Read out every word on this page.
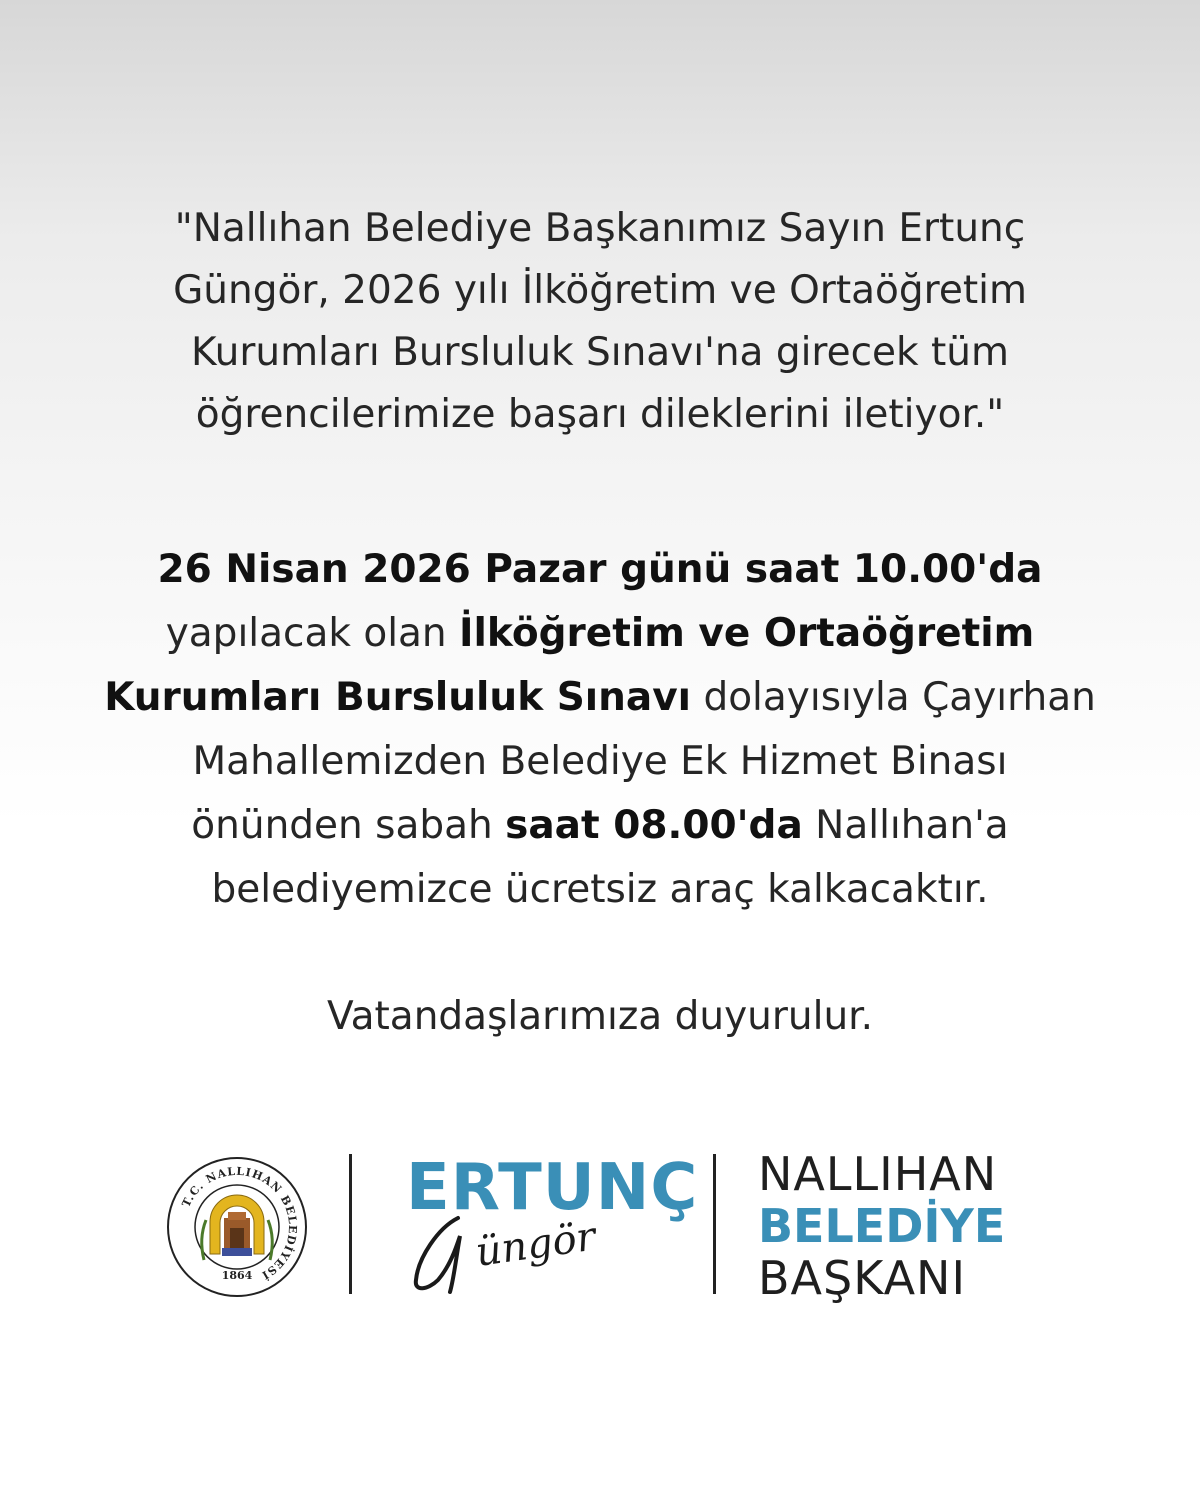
"Nallıhan Belediye Başkanımız Sayın Ertunç
Güngör, 2026 yılı İlköğretim ve Ortaöğretim
Kurumları Bursluluk Sınavı'na girecek tüm
öğrencilerimize başarı dileklerini iletiyor."
26 Nisan 2026 Pazar günü saat 10.00'da
yapılacak olan İlköğretim ve Ortaöğretim
Kurumları Bursluluk Sınavı dolayısıyla Çayırhan
Mahallemizden Belediye Ek Hizmet Binası
önünden sabah saat 08.00'da Nallıhan'a
belediyemizce ücretsiz araç kalkacaktır.
Vatandaşlarımıza duyurulur.
T.C. NALLIHAN BELEDİYESİ
1864
ERTUNÇ
üngör
NALLIHAN
BELEDİYE
BAŞKANI
